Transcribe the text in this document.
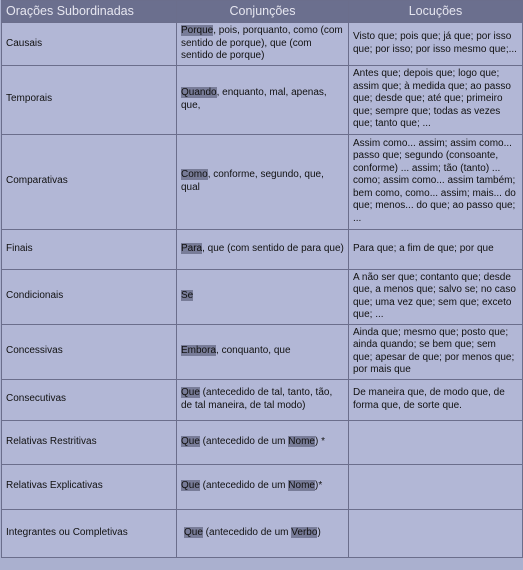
Orações Subordinadas	Conjunções	Locuções
Causais	Porque, pois, porquanto, como (com sentido de porque), que (com sentido de porque)	Visto que; pois que; já que; por isso que; por isso; por isso mesmo que;...
Temporais	Quando, enquanto, mal, apenas, que,	Antes que; depois que; logo que; assim que; à medida que; ao passo que; desde que; até que; primeiro que; sempre que; todas as vezes que; tanto que; ...
Comparativas	Como, conforme, segundo, que, qual	Assim como... assim; assim como... passo que; segundo (consoante, conforme) ... assim; tão (tanto) ... como; assim como... assim também; bem como, como... assim; mais... do que; menos... do que; ao passo que; ...
Finais	Para, que (com sentido de para que)	Para que; a fim de que; por que
Condicionais	Se	A não ser que; contanto que; desde que, a menos que; salvo se; no caso que; uma vez que; sem que; exceto que; ...
Concessivas	Embora, conquanto, que	Ainda que; mesmo que; posto que; ainda quando; se bem que; sem que; apesar de que; por menos que; por mais que
Consecutivas	Que (antecedido de tal, tanto, tão, de tal maneira, de tal modo)	De maneira que, de modo que, de forma que, de sorte que.
Relativas Restritivas	Que (antecedido de um Nome) *	
Relativas Explicativas	Que (antecedido de um Nome)*	
Integrantes ou Completivas	Que (antecedido de um Verbo)	
